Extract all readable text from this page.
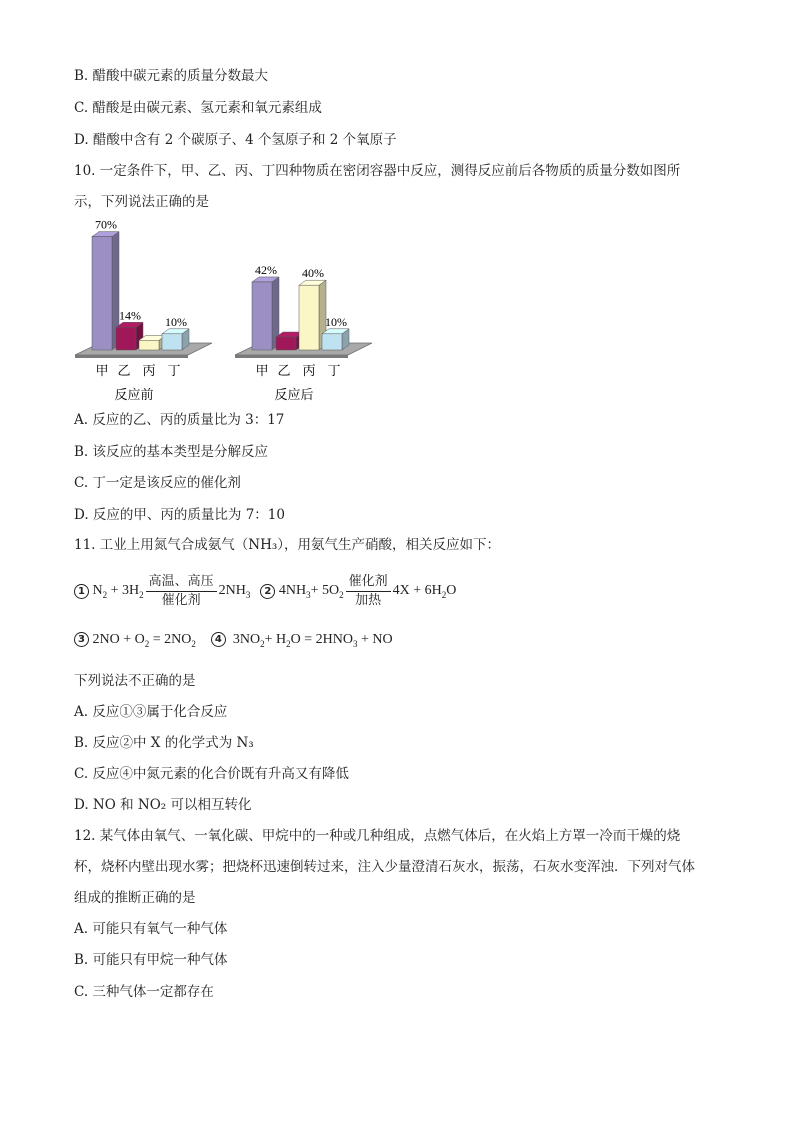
B. 醋酸中碳元素的质量分数最大
C. 醋酸是由碳元素、氢元素和氧元素组成
D. 醋酸中含有 2 个碳原子、4 个氢原子和 2 个氧原子
10. 一定条件下，甲、乙、丙、丁四种物质在密闭容器中反应，测得反应前后各物质的质量分数如图所
示，下列说法正确的是
70%
甲
14%
乙 丙
10%
丁
反应前
42%
甲 乙
40%
丙
10%
丁
反应后
A. 反应的乙、丙的质量比为 3：17
B. 该反应的基本类型是分解反应
C. 丁一定是该反应的催化剂
D. 反应的甲、丙的质量比为 7：10
11. 工业上用氮气合成氨气（NH₃），用氨气生产硝酸，相关反应如下：
1 $N_2 + 3H_2 \frac{\text{高温、高压}}{\text{催化剂}} 2NH_3$	2 $4NH_3+ 5O_2 \frac{\text{催化剂}}{\text{加热}} 4X + 6H_2O$
3 $2NO + O_2 = 2NO_2$ 4  $3NO_2+ H_2O = 2HNO_3$ + NO
下列说法不正确的是
A. 反应①③属于化合反应
B. 反应②中 X 的化学式为 N₃
C. 反应④中氮元素的化合价既有升高又有降低
D. NO 和 NO₂ 可以相互转化
12. 某气体由氧气、一氧化碳、甲烷中的一种或几种组成，点燃气体后，在火焰上方罩一冷而干燥的烧
杯，烧杯内壁出现水雾；把烧杯迅速倒转过来，注入少量澄清石灰水，振荡，石灰水变浑浊．下列对气体
组成的推断正确的是
A. 可能只有氧气一种气体
B. 可能只有甲烷一种气体
C. 三种气体一定都存在
